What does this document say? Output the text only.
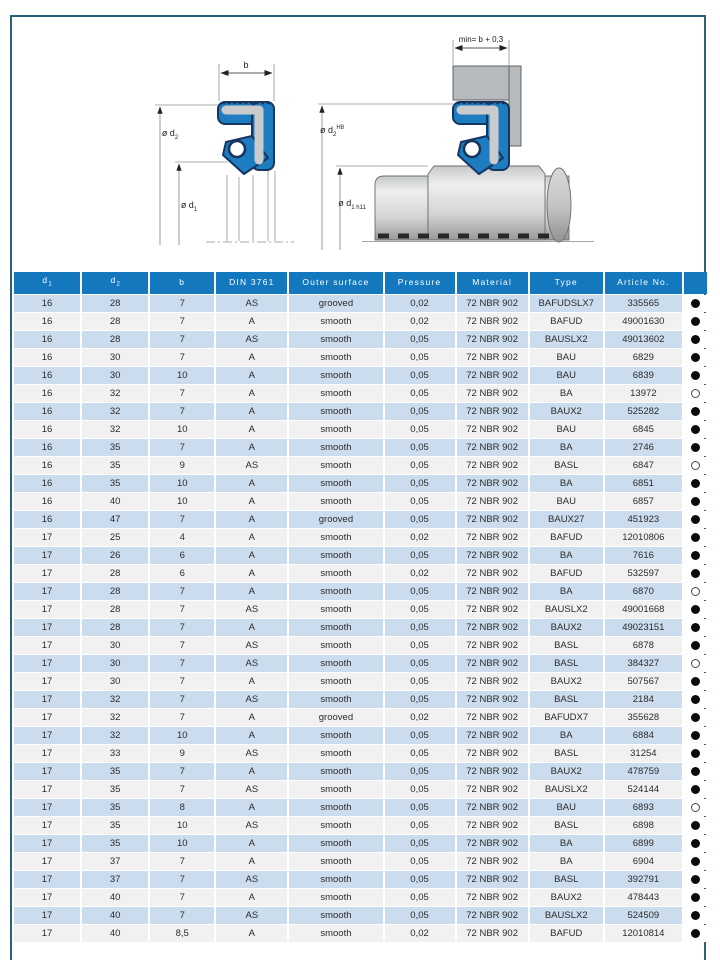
b
ø $d_2$
ø $d_1$
min= b + 0,3
ø $d_2^{H8}$
ø $d_{1 h11}$
$d_1$	$d_2$	b	DIN 3761	Outer surface	Pressure	Material	Type	Article No.	
16	28	7	AS	grooved	0,02	72 NBR 902	BAFUDSLX7	335565	
16	28	7	A	smooth	0,02	72 NBR 902	BAFUD	49001630	
16	28	7	AS	smooth	0,05	72 NBR 902	BAUSLX2	49013602	
16	30	7	A	smooth	0,05	72 NBR 902	BAU	6829	
16	30	10	A	smooth	0,05	72 NBR 902	BAU	6839	
16	32	7	A	smooth	0,05	72 NBR 902	BA	13972	
16	32	7	A	smooth	0,05	72 NBR 902	BAUX2	525282	
16	32	10	A	smooth	0,05	72 NBR 902	BAU	6845	
16	35	7	A	smooth	0,05	72 NBR 902	BA	2746	
16	35	9	AS	smooth	0,05	72 NBR 902	BASL	6847	
16	35	10	A	smooth	0,05	72 NBR 902	BA	6851	
16	40	10	A	smooth	0,05	72 NBR 902	BAU	6857	
16	47	7	A	grooved	0,05	72 NBR 902	BAUX27	451923	
17	25	4	A	smooth	0,02	72 NBR 902	BAFUD	12010806	
17	26	6	A	smooth	0,05	72 NBR 902	BA	7616	
17	28	6	A	smooth	0,02	72 NBR 902	BAFUD	532597	
17	28	7	A	smooth	0,05	72 NBR 902	BA	6870	
17	28	7	AS	smooth	0,05	72 NBR 902	BAUSLX2	49001668	
17	28	7	A	smooth	0,05	72 NBR 902	BAUX2	49023151	
17	30	7	AS	smooth	0,05	72 NBR 902	BASL	6878	
17	30	7	AS	smooth	0,05	72 NBR 902	BASL	384327	
17	30	7	A	smooth	0,05	72 NBR 902	BAUX2	507567	
17	32	7	AS	smooth	0,05	72 NBR 902	BASL	2184	
17	32	7	A	grooved	0,02	72 NBR 902	BAFUDX7	355628	
17	32	10	A	smooth	0,05	72 NBR 902	BA	6884	
17	33	9	AS	smooth	0,05	72 NBR 902	BASL	31254	
17	35	7	A	smooth	0,05	72 NBR 902	BAUX2	478759	
17	35	7	AS	smooth	0,05	72 NBR 902	BAUSLX2	524144	
17	35	8	A	smooth	0,05	72 NBR 902	BAU	6893	
17	35	10	AS	smooth	0,05	72 NBR 902	BASL	6898	
17	35	10	A	smooth	0,05	72 NBR 902	BA	6899	
17	37	7	A	smooth	0,05	72 NBR 902	BA	6904	
17	37	7	AS	smooth	0,05	72 NBR 902	BASL	392791	
17	40	7	A	smooth	0,05	72 NBR 902	BAUX2	478443	
17	40	7	AS	smooth	0,05	72 NBR 902	BAUSLX2	524509	
17	40	8,5	A	smooth	0,02	72 NBR 902	BAFUD	12010814	
